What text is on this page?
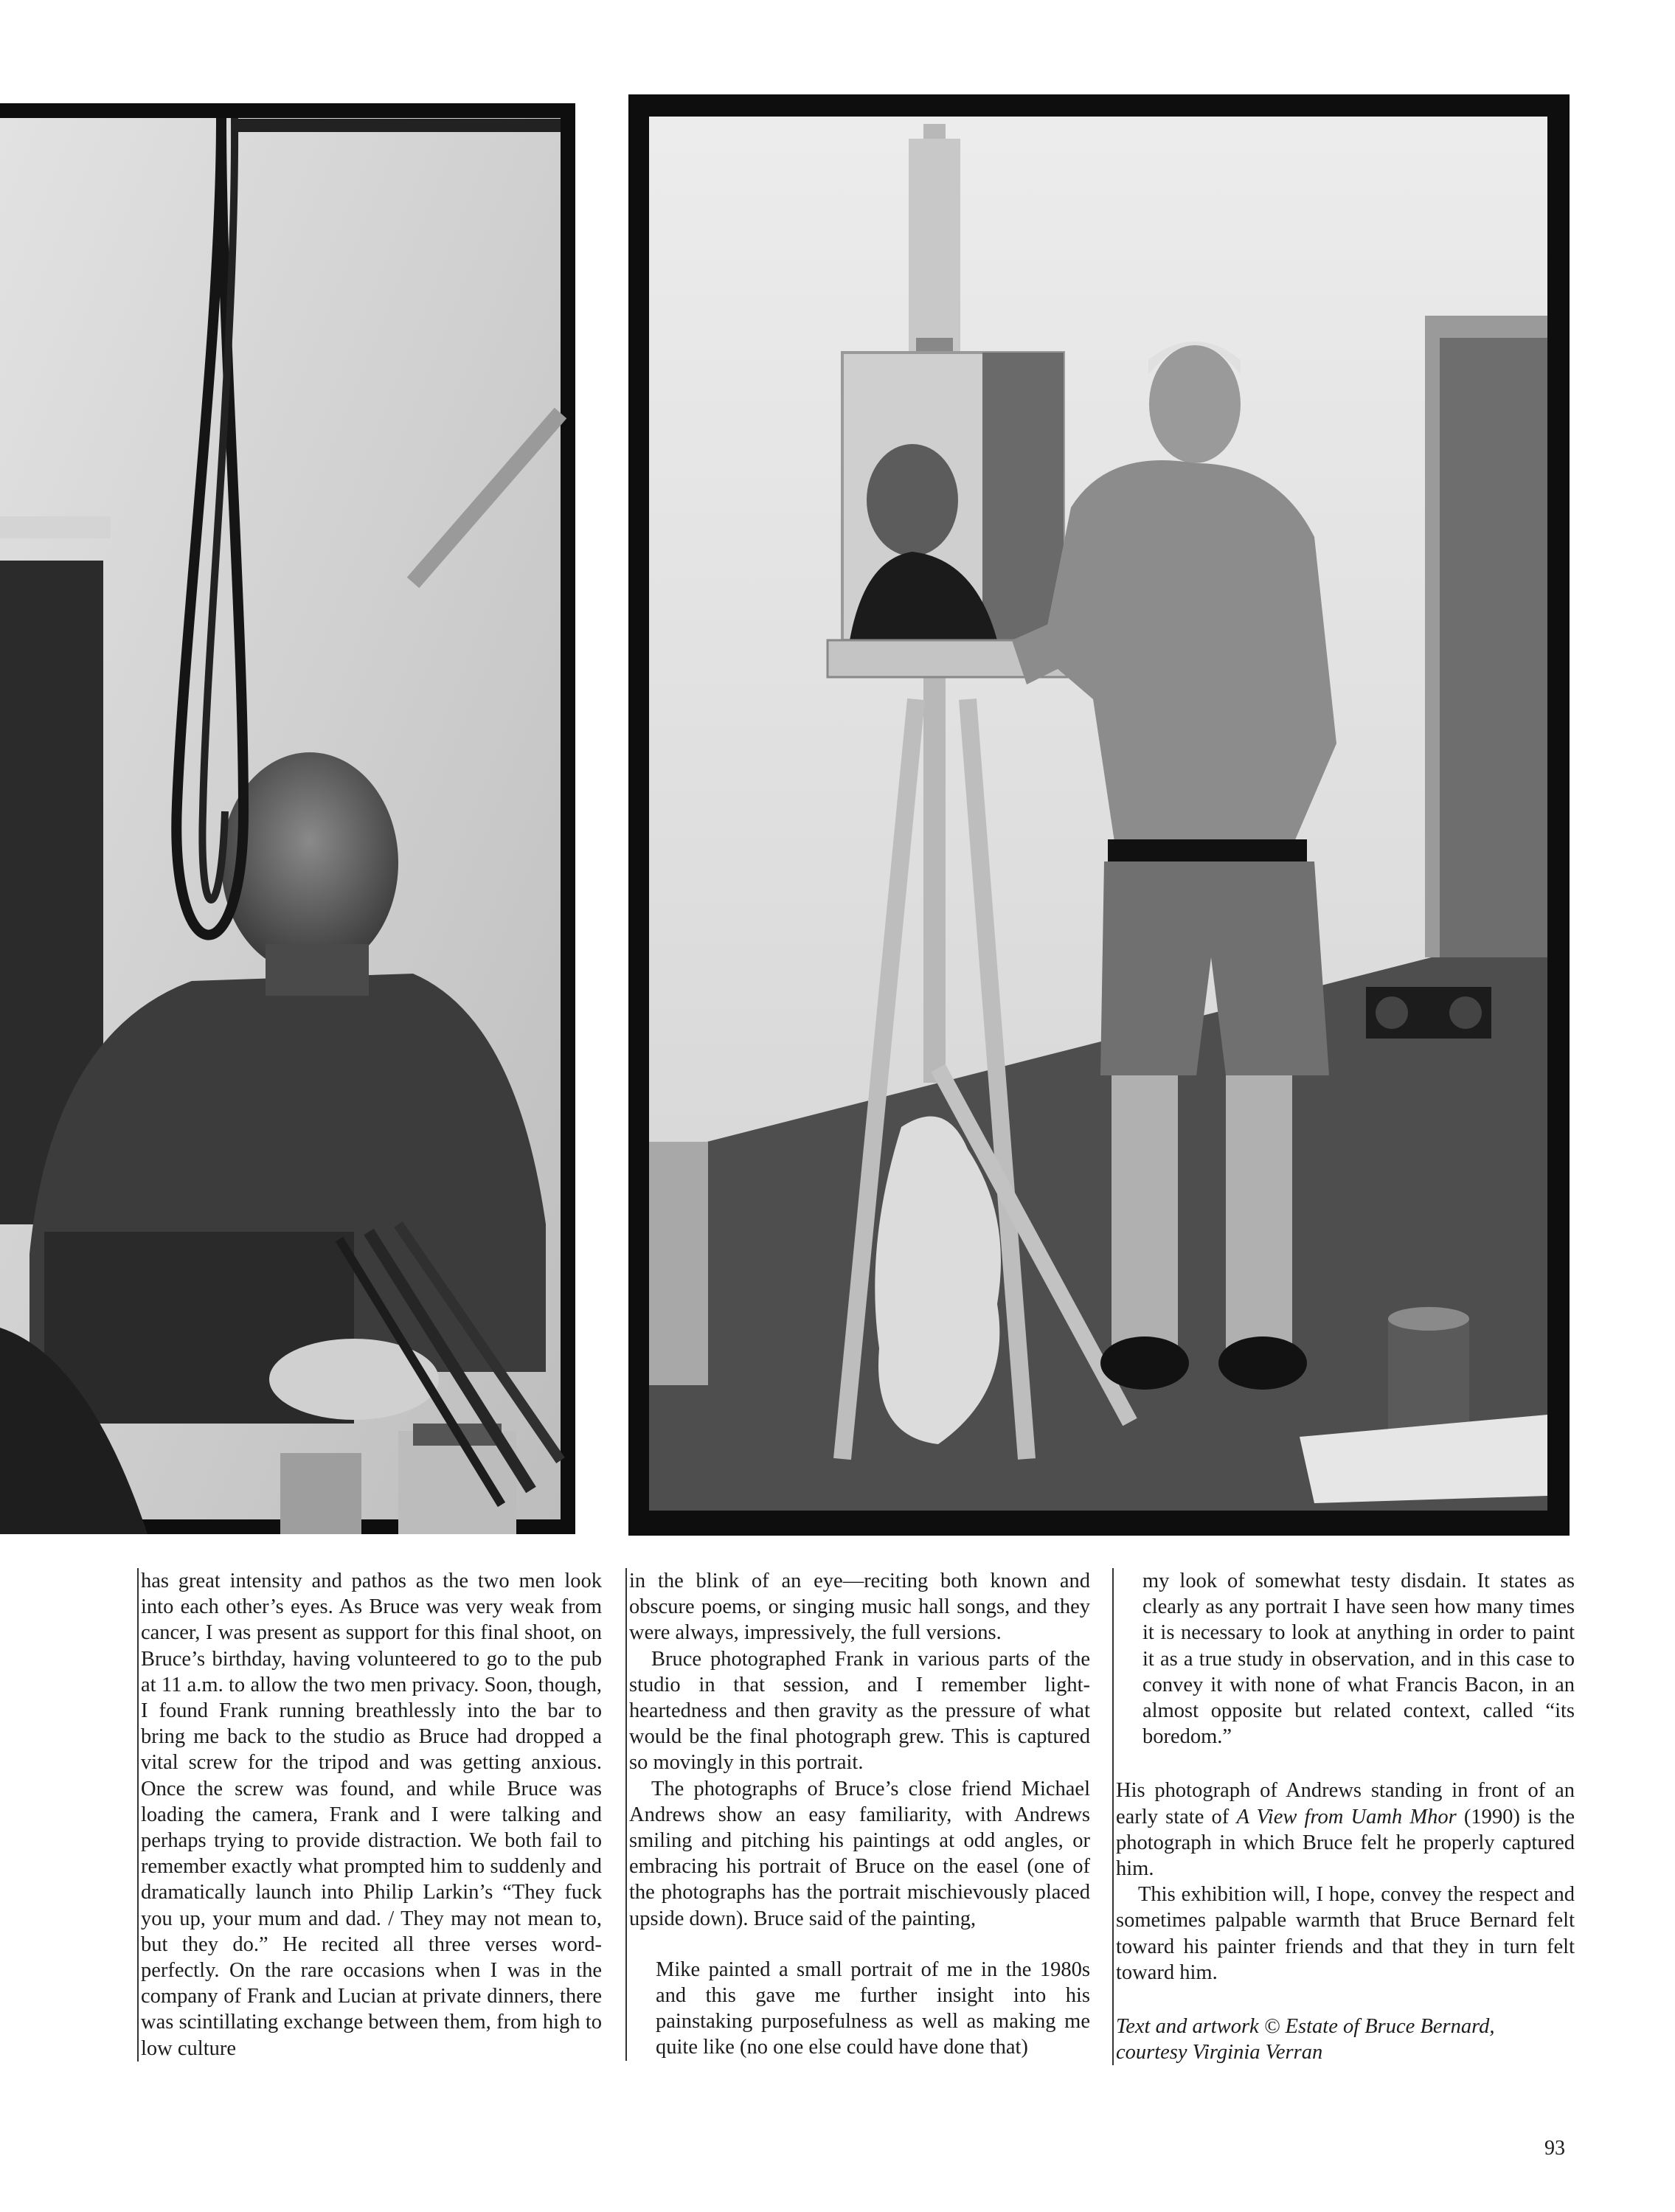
has great intensity and pathos as the two men look into each other’s eyes. As Bruce was very weak from cancer, I was present as support for this final shoot, on Bruce’s birthday, having volunteered to go to the pub at 11 a.m. to allow the two men privacy. Soon, though, I found Frank running breathlessly into the bar to bring me back to the studio as Bruce had dropped a vital screw for the tripod and was getting anxious. Once the screw was found, and while Bruce was loading the camera, Frank and I were talking and perhaps trying to provide distraction. We both fail to remember exactly what prompted him to suddenly and dramatically launch into Philip Larkin’s “They fuck you up, your mum and dad. / They may not mean to, but they do.” He recited all three verses word-perfectly. On the rare occasions when I was in the company of Frank and Lucian at private dinners, there was scintillating exchange between them, from high to low culture

in the blink of an eye—reciting both known and obscure poems, or singing music hall songs, and they were always, impressively, the full versions.

Bruce photographed Frank in various parts of the studio in that session, and I remember light-heartedness and then gravity as the pressure of what would be the final photograph grew. This is captured so movingly in this portrait.

The photographs of Bruce’s close friend Michael Andrews show an easy familiarity, with Andrews smiling and pitching his paintings at odd angles, or embracing his portrait of Bruce on the easel (one of the photographs has the portrait mischievously placed upside down). Bruce said of the painting,

Mike painted a small portrait of me in the 1980s and this gave me further insight into his painstaking purposefulness as well as making me quite like (no one else could have done that)

my look of somewhat testy disdain. It states as clearly as any portrait I have seen how many times it is necessary to look at anything in order to paint it as a true study in observation, and in this case to convey it with none of what Francis Bacon, in an almost opposite but related context, called “its boredom.”

His photograph of Andrews standing in front of an early state of A View from Uamh Mhor (1990) is the photograph in which Bruce felt he properly captured him.

This exhibition will, I hope, convey the respect and sometimes palpable warmth that Bruce Bernard felt toward his painter friends and that they in turn felt toward him.

Text and artwork © Estate of Bruce Bernard,
courtesy Virginia Verran

93
